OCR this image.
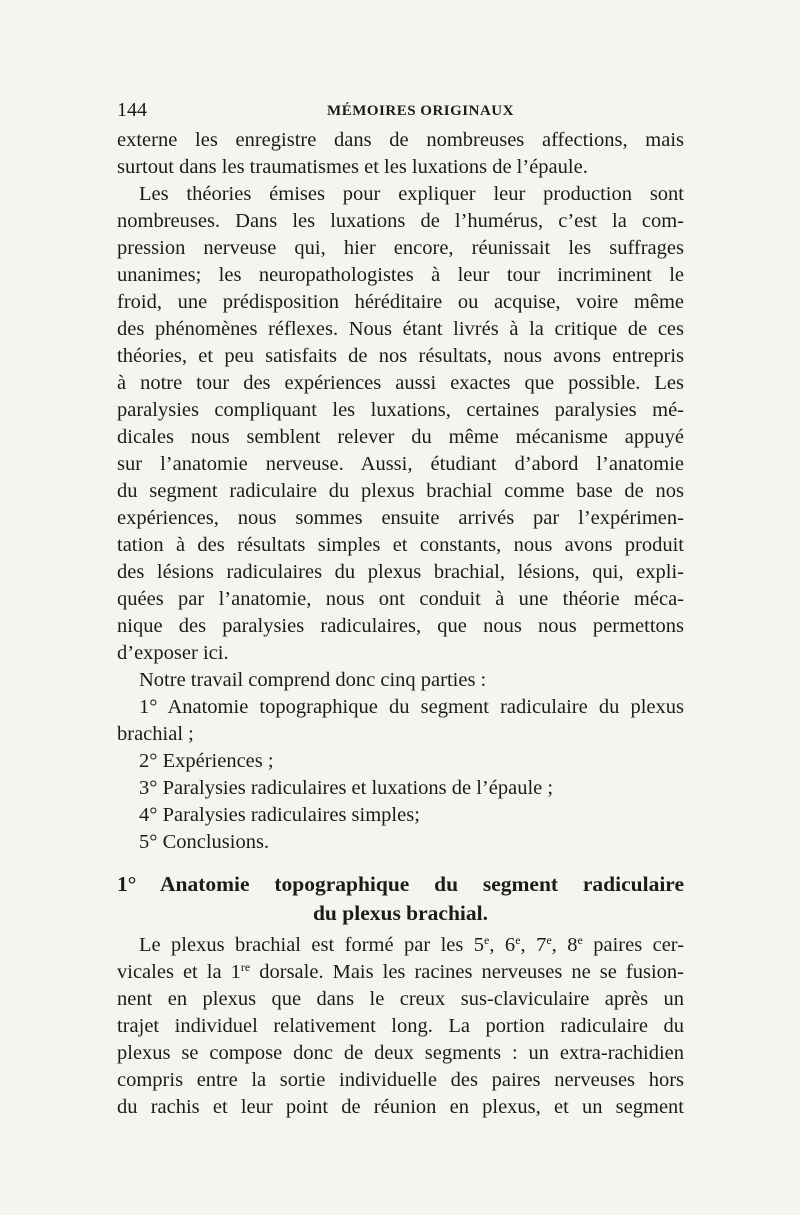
144	MÉMOIRES ORIGINAUX
externe les enregistre dans de nombreuses affections, mais
surtout dans les traumatismes et les luxations de l’épaule.
Les théories émises pour expliquer leur production sont
nombreuses. Dans les luxations de l’humérus, c’est la com-
pression nerveuse qui, hier encore, réunissait les suffrages
unanimes; les neuropathologistes à leur tour incriminent le
froid, une prédisposition héréditaire ou acquise, voire même
des phénomènes réflexes. Nous étant livrés à la critique de ces
théories, et peu satisfaits de nos résultats, nous avons entrepris
à notre tour des expériences aussi exactes que possible. Les
paralysies compliquant les luxations, certaines paralysies mé-
dicales nous semblent relever du même mécanisme appuyé
sur l’anatomie nerveuse. Aussi, étudiant d’abord l’anatomie
du segment radiculaire du plexus brachial comme base de nos
expériences, nous sommes ensuite arrivés par l’expérimen-
tation à des résultats simples et constants, nous avons produit
des lésions radiculaires du plexus brachial, lésions, qui, expli-
quées par l’anatomie, nous ont conduit à une théorie méca-
nique des paralysies radiculaires, que nous nous permettons
d’exposer ici.
Notre travail comprend donc cinq parties :
1° Anatomie topographique du segment radiculaire du plexus
brachial ;
2° Expériences ;
3° Paralysies radiculaires et luxations de l’épaule ;
4° Paralysies radiculaires simples;
5° Conclusions.
1° Anatomie topographique du segment radiculaire
du plexus brachial.
Le plexus brachial est formé par les 5e, 6e, 7e, 8e paires cer-
vicales et la 1re dorsale. Mais les racines nerveuses ne se fusion-
nent en plexus que dans le creux sus-claviculaire après un
trajet individuel relativement long. La portion radiculaire du
plexus se compose donc de deux segments : un extra-rachidien
compris entre la sortie individuelle des paires nerveuses hors
du rachis et leur point de réunion en plexus, et un segment
